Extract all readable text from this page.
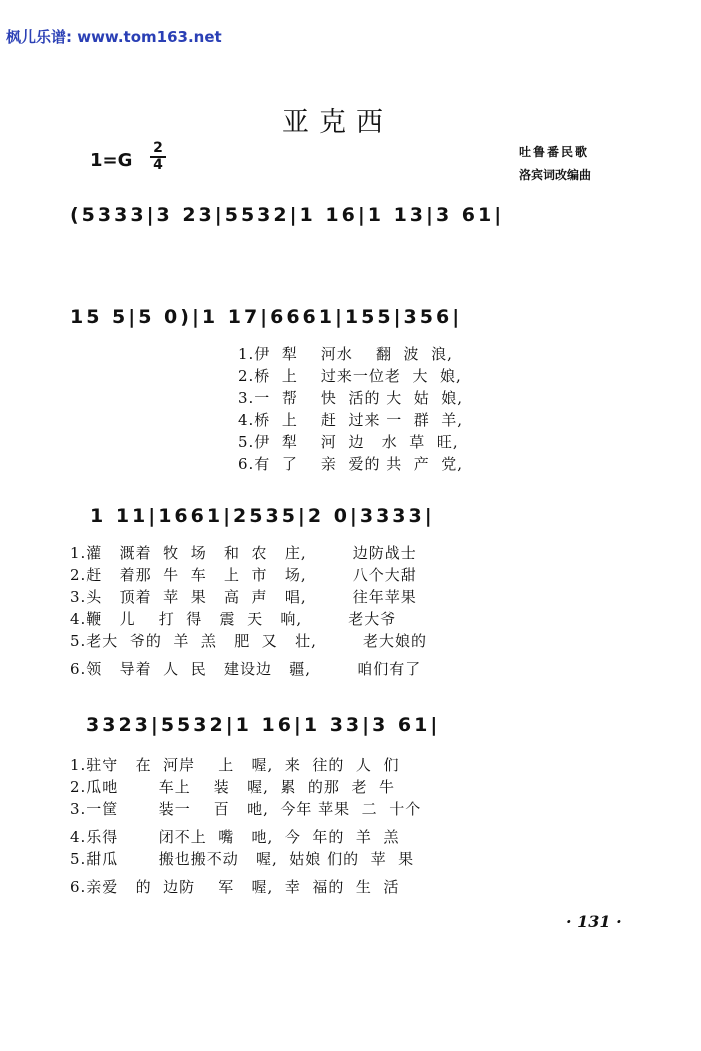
枫儿乐谱: www.tom163.net
亚克西
1=G
2
4
吐鲁番民歌
洛宾词改编曲
(5333|3 23|5532|1 16|1 13|3 61|
15 5|5 0)|1 17|6661|155|356|
1.伊  犁    河水    翻  波  浪,
2.桥  上    过来一位老  大  娘,
3.一  帮    快  活的 大  姑  娘,
4.桥  上    赶  过来 一  群  羊,
5.伊  犁    河  边   水  草  旺,
6.有  了    亲  爱的 共  产  党,
1 11|1661|2535|2 0|3333|
1.灌   溉着  牧  场   和  农   庄,        边防战士
2.赶   着那  牛  车   上  市   场,        八个大甜
3.头   顶着  苹  果   高  声   唱,        往年苹果
4.鞭   儿    打  得   震  天   响,        老大爷
5.老大  爷的  羊  羔   肥  又   壮,        老大娘的
6.领   导着  人  民   建设边   疆,        咱们有了
3323|5532|1 16|1 33|3 61|
1.驻守   在  河岸    上   喔,  来  往的  人  们
2.瓜吔       车上    装   喔,  累  的那  老  牛
3.一筐       装一    百   吔,  今年 苹果  二  十个
4.乐得       闭不上  嘴   吔,  今  年的  羊  羔
5.甜瓜       搬也搬不动   喔,  姑娘 们的  苹  果
6.亲爱   的  边防    军   喔,  幸  福的  生  活
· 131 ·
